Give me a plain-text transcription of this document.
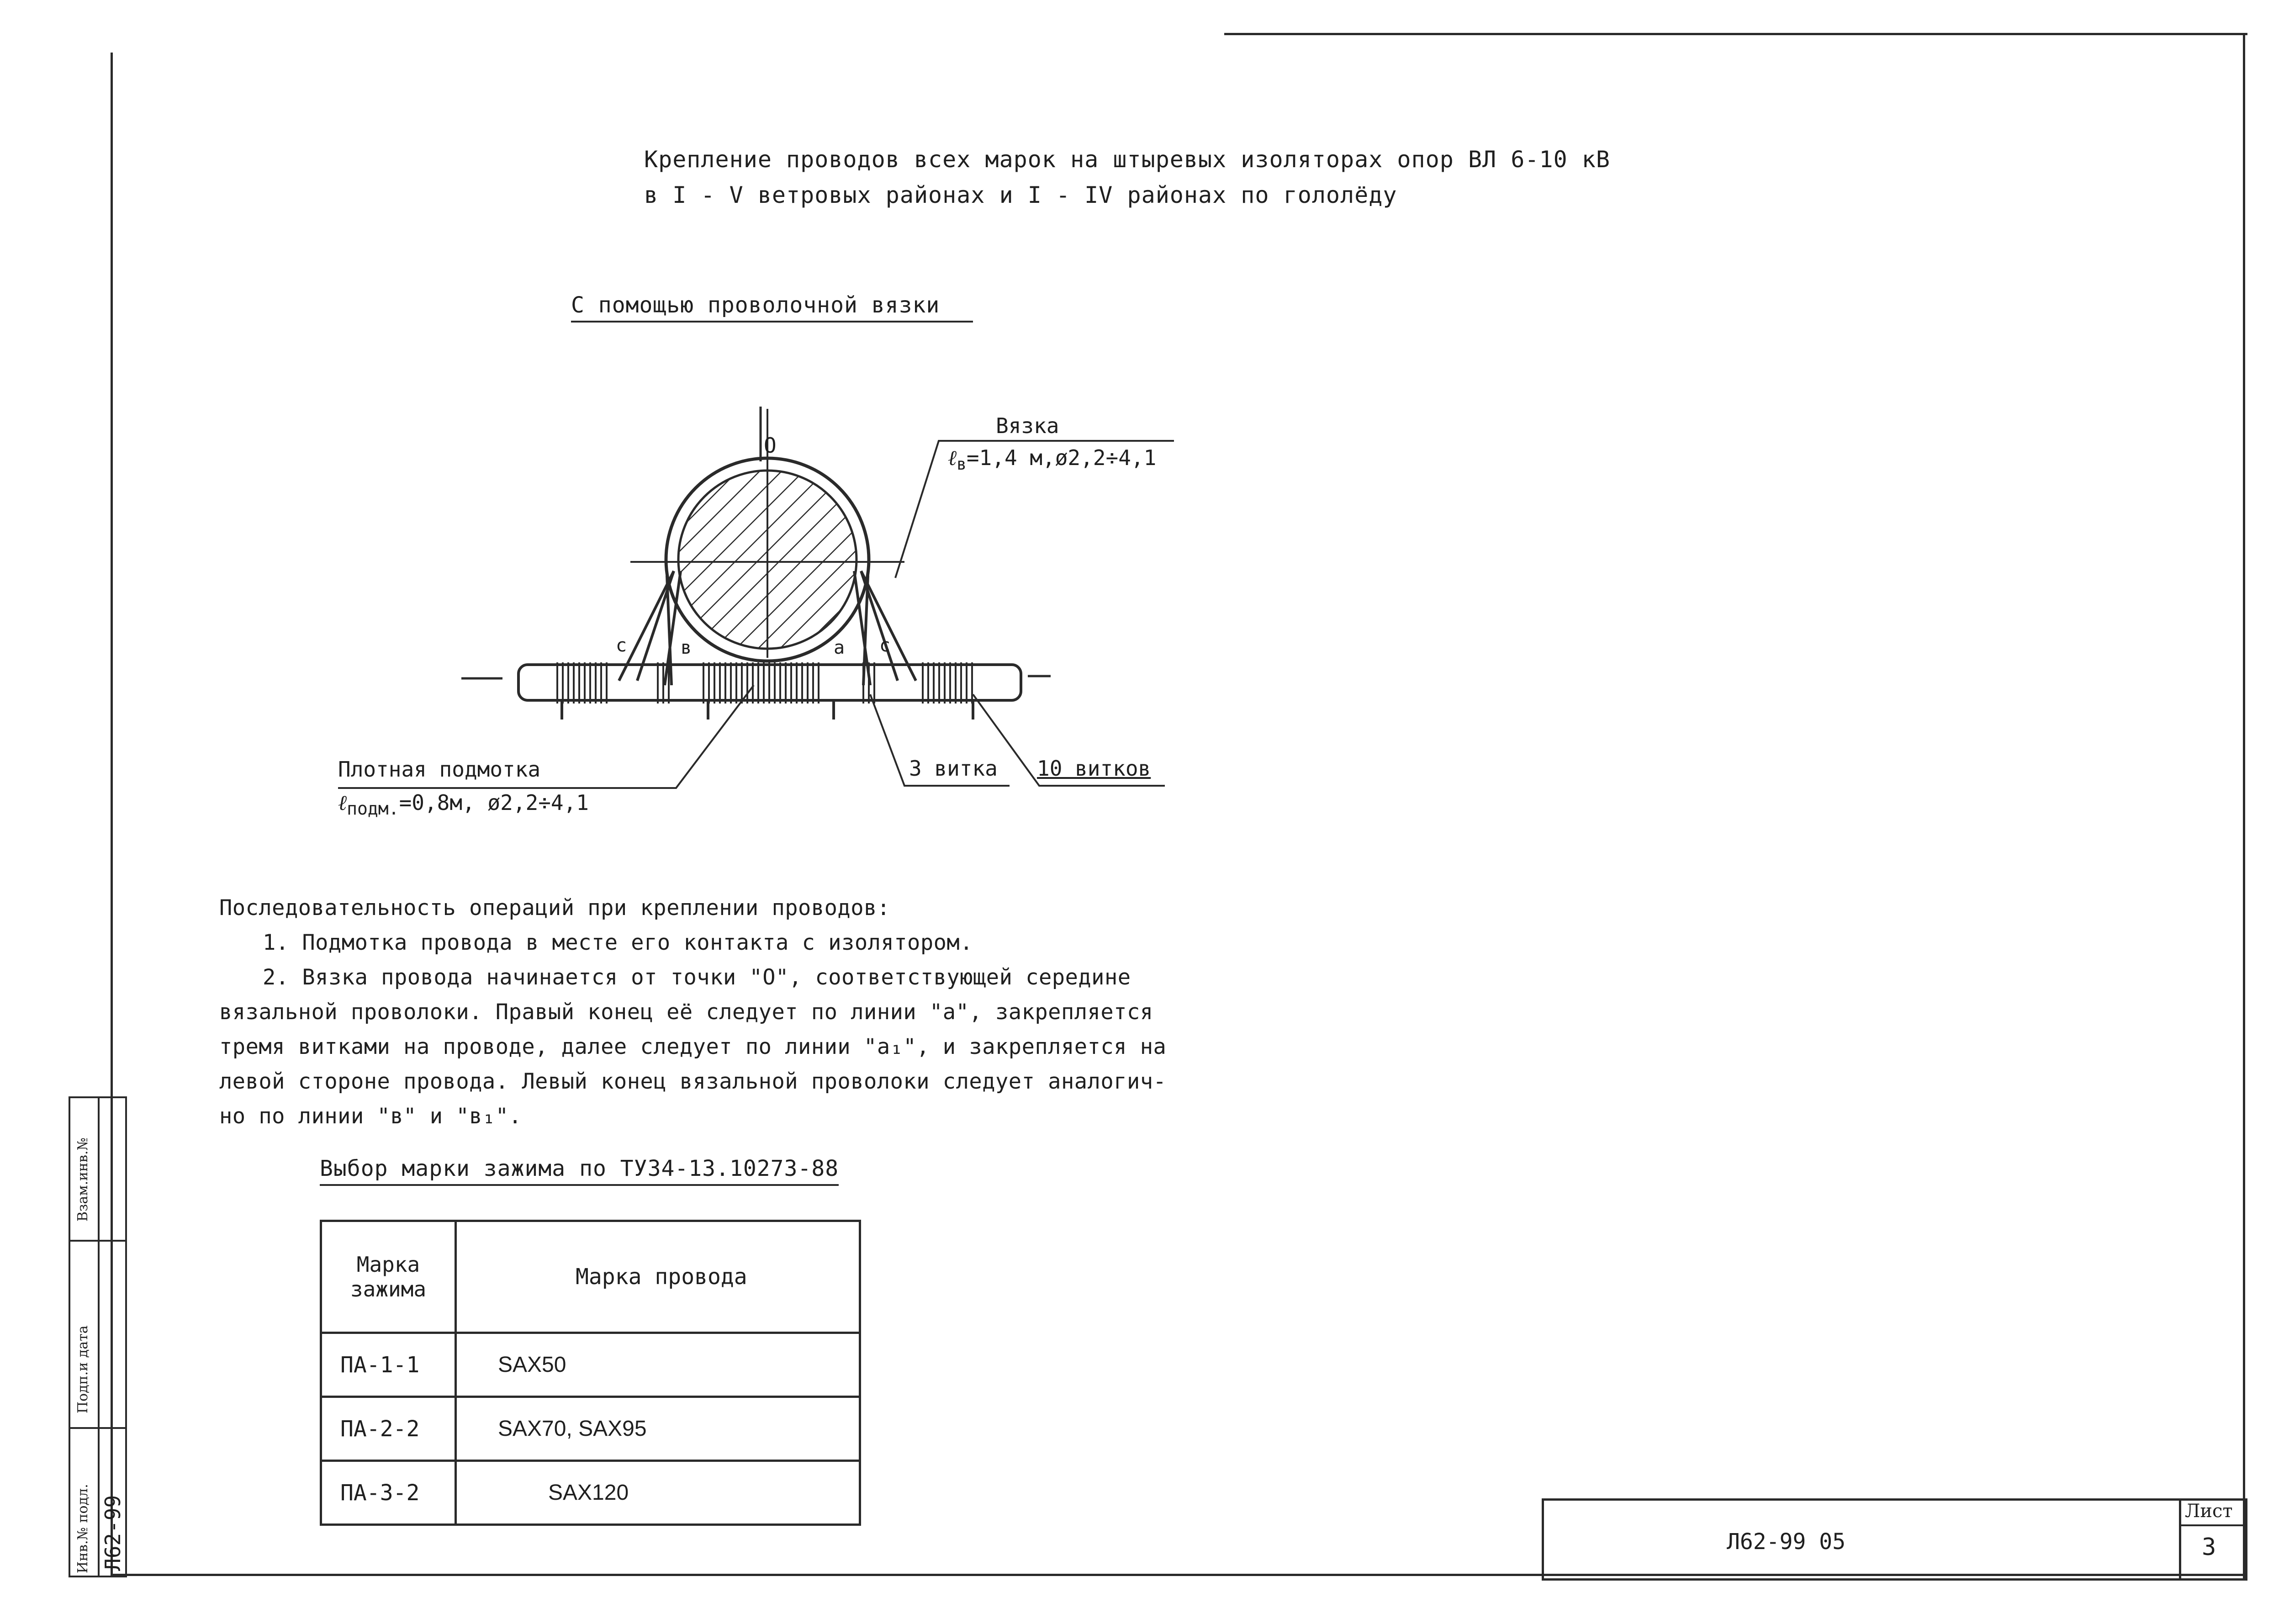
Крепление проводов всех марок на штыревых изоляторах опор ВЛ 6-10 кВ
в I - V ветровых районах и I - IV районах по гололёду
С помощью проволочной вязки
О
Вязка
ℓ$_в$=1,4 м,ø2,2÷4,1
с	в	а с
3 витка 10 витков
Плотная подмотка
ℓ$_{подм.}$=0,8м, ø2,2÷4,1
Последовательность операций при креплении проводов:
1. Подмотка провода в месте его контакта с изолятором.
2. Вязка провода начинается от точки "О", соответствующей середине
вязальной проволоки. Правый конец её следует по линии "а", закрепляется
тремя витками на проводе, далее следует по линии "а₁", и закрепляется на
левой стороне провода. Левый конец вязальной проволоки следует аналогич-
но по линии "в" и "в₁".
Выбор марки зажима по ТУ34-13.10273-88
Марка
зажима	Марка провода
ПА-1-1	SAX50
ПА-2-2	SAX70, SAX95
ПА-3-2	SAX120
Взам.инв.№
Подп.и дата
Инв.№ подл. Л62-99	Л62-99 05
Лист
3
